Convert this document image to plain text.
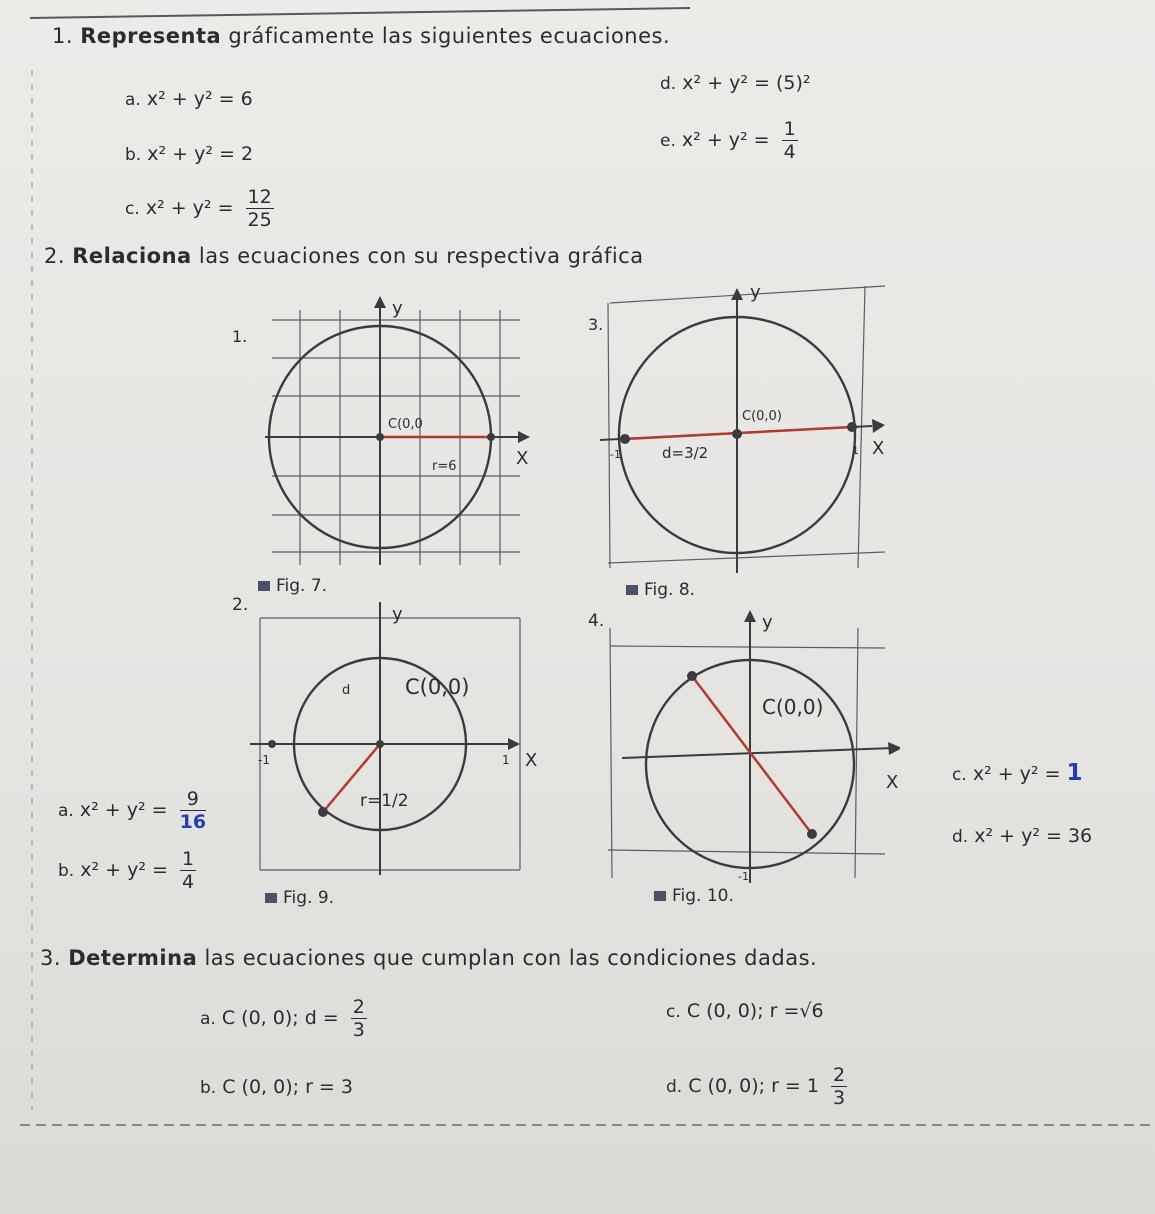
1. Representa gráficamente las siguientes ecuaciones.
a. x² + y² = 6
b. x² + y² = 2
c. $x^2 + y^2 = \frac{12}{25}$
d. x² + y² = (5)²
e. $x^2 + y^2 = \frac{1}{4}$
2. Relaciona las ecuaciones con su respectiva gráfica
1.
y
X
C(0,0
r=6
Fig. 7.
2.	y
X
C(0,0)
d
r=1/2
1
-1
Fig. 9.
3.
y
X
C(0,0)
d=3/2	1
-1
Fig. 8.
4.	y
X
C(0,0)
-1
Fig. 10.
a. $x^2 + y^2 = \frac{9}{16}$
b. $x^2 + y^2 = \frac{1}{4}$
c. x² + y² = 1
d. x² + y² = 36
3. Determina las ecuaciones que cumplan con las condiciones dadas.
a. C (0, 0); $d = \frac{2}{3}$
b. C (0, 0); r = 3
c. C (0, 0); r =√6
d. C (0, 0); $r = 1 \frac{2}{3}$
